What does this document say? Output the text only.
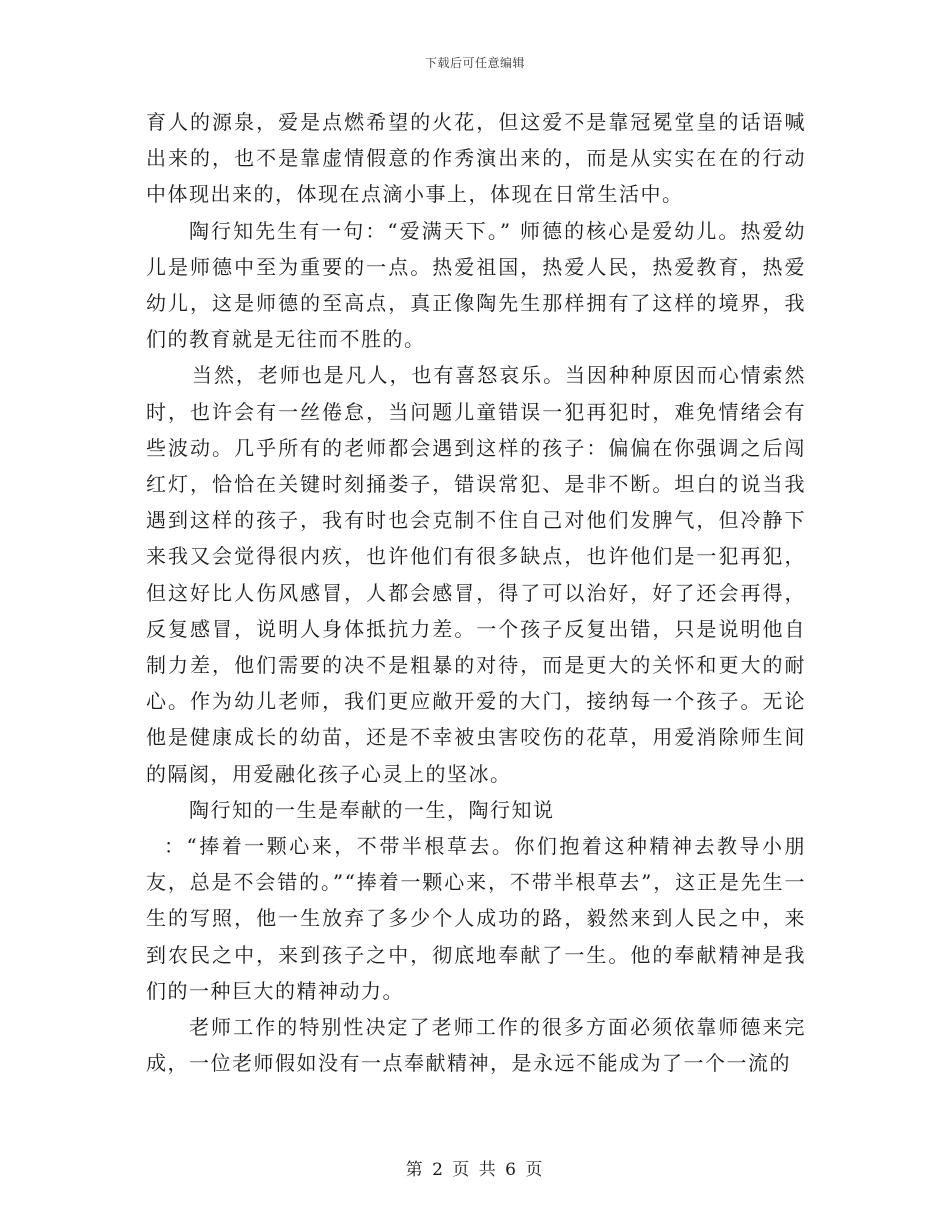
下载后可任意编辑

育人的源泉，爱是点燃希望的火花，但这爱不是靠冠冕堂皇的话语喊出来的，也不是靠虚情假意的作秀演出来的，而是从实实在在的行动中体现出来的，体现在点滴小事上，体现在日常生活中。

陶行知先生有一句：“爱满天下。” 师德的核心是爱幼儿。热爱幼儿是师德中至为重要的一点。热爱祖国，热爱人民，热爱教育，热爱幼儿，这是师德的至高点，真正像陶先生那样拥有了这样的境界，我们的教育就是无往而不胜的。

当然，老师也是凡人，也有喜怒哀乐。当因种种原因而心情索然时，也许会有一丝倦怠，当问题儿童错误一犯再犯时，难免情绪会有些波动。几乎所有的老师都会遇到这样的孩子：偏偏在你强调之后闯红灯，恰恰在关键时刻捅娄子，错误常犯、是非不断。坦白的说当我遇到这样的孩子，我有时也会克制不住自己对他们发脾气，但冷静下来我又会觉得很内疚，也许他们有很多缺点，也许他们是一犯再犯，但这好比人伤风感冒，人都会感冒，得了可以治好，好了还会再得，反复感冒，说明人身体抵抗力差。一个孩子反复出错，只是说明他自制力差，他们需要的决不是粗暴的对待，而是更大的关怀和更大的耐心。作为幼儿老师，我们更应敞开爱的大门，接纳每一个孩子。无论他是健康成长的幼苗，还是不幸被虫害咬伤的花草，用爱消除师生间的隔阂，用爱融化孩子心灵上的坚冰。

陶行知的一生是奉献的一生，陶行知说

：“捧着一颗心来，不带半根草去。你们抱着这种精神去教导小朋友，总是不会错的。”“捧着一颗心来，不带半根草去”，这正是先生一生的写照，他一生放弃了多少个人成功的路，毅然来到人民之中，来到农民之中，来到孩子之中，彻底地奉献了一生。他的奉献精神是我们的一种巨大的精神动力。

老师工作的特别性决定了老师工作的很多方面必须依靠师德来完成，一位老师假如没有一点奉献精神，是永远不能成为了一个一流的

第 2 页 共 6 页
